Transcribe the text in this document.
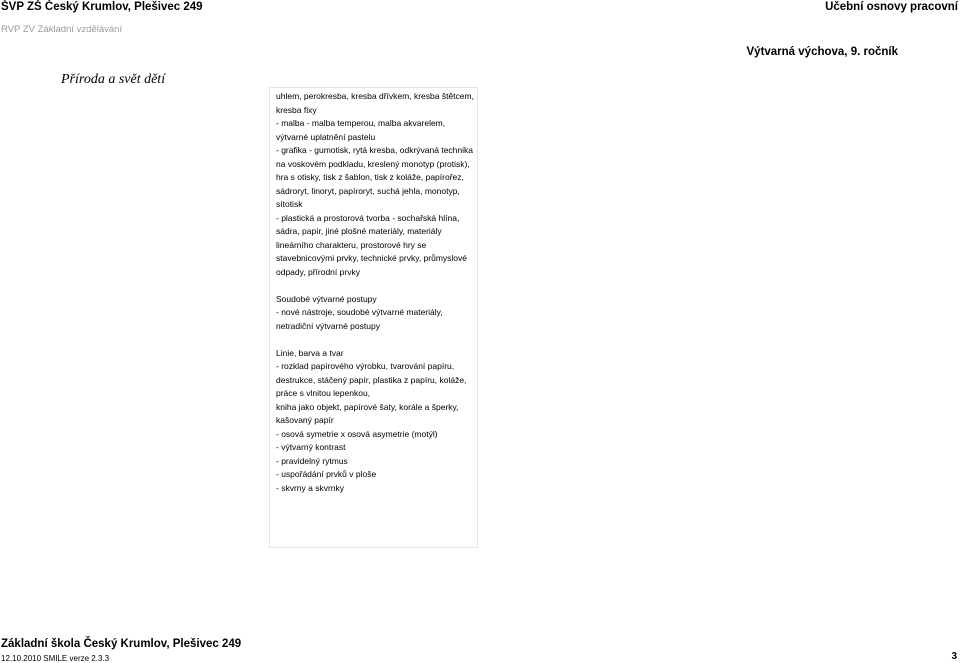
ŠVP ZŠ Český Krumlov, Plešivec 249	Učební osnovy pracovní
RVP ZV Základní vzdělávání
Výtvarná výchova, 9. ročník
Příroda a svět dětí
uhlem, perokresba, kresba dřívkem, kresba štětcem,
kresba fixy
- malba - malba temperou, malba akvarelem,
výtvarné uplatnění pastelu
- grafika - gumotisk, rytá kresba, odkrývaná technika
na voskovém podkladu, kreslený monotyp (protisk),
hra s otisky, tisk z šablon, tisk z koláže, papírořez,
sádroryt, linoryt, papíroryt, suchá jehla, monotyp,
sítotisk
- plastická a prostorová tvorba - sochařská hlína,
sádra, papír, jiné plošné materiály, materiály
lineárního charakteru, prostorové hry se
stavebnicovými prvky, technické prvky, průmyslové
odpady, přírodní prvky
Soudobé výtvarné postupy
- nové nástroje, soudobé výtvarné materiály,
netradiční výtvarné postupy
Linie, barva a tvar
- rozklad papírového výrobku, tvarování papíru,
destrukce, stáčený papír, plastika z papíru, koláže,
práce s vlnitou lepenkou,
kniha jako objekt, papírové šaty, korále a šperky,
kašovaný papír
- osová symetrie x osová asymetrie (motýl)
- výtvarný kontrast
- pravidelný rytmus
- uspořádání prvků v ploše
- skvrny a skvrnky
Základní škola Český Krumlov, Plešivec 249
12.10.2010 SMILE verze 2.3.3	3
